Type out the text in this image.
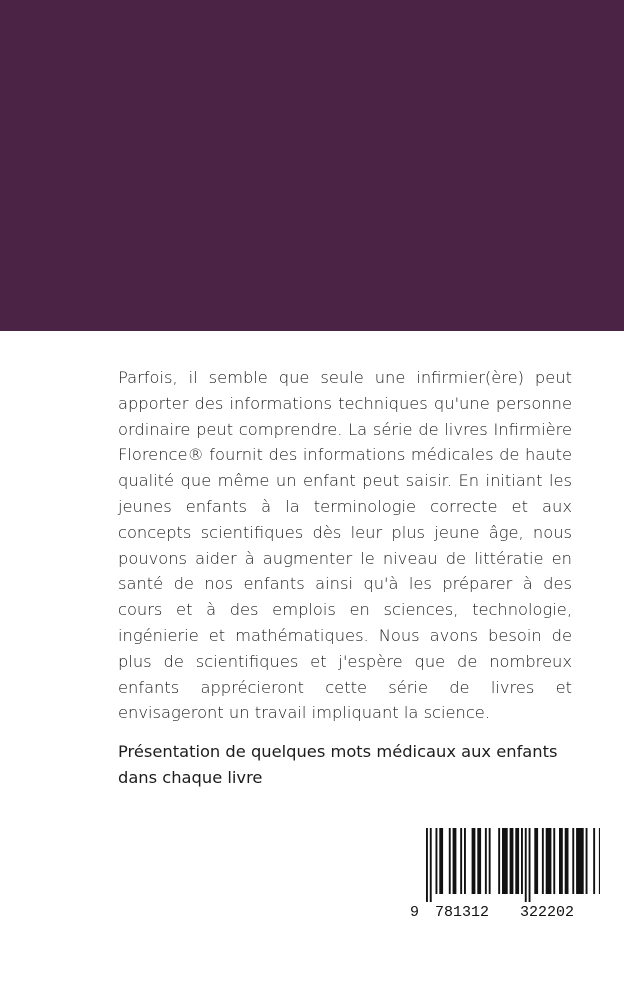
Parfois, il semble que seule une infirmier(ère) peut apporter des informations techniques qu'une personne ordinaire peut comprendre. La série de livres Infirmière Florence® fournit des informations médicales de haute qualité que même un enfant peut saisir. En initiant les jeunes enfants à la terminologie correcte et aux concepts scientifiques dès leur plus jeune âge, nous pouvons aider à augmenter le niveau de littératie en santé de nos enfants ainsi qu'à les préparer à des cours et à des emplois en sciences, technologie, ingénierie et mathématiques. Nous avons besoin de plus de scientifiques et j'espère que de nombreux enfants apprécieront cette série de livres et envisageront un travail impliquant la science.

Présentation de quelques mots médicaux aux enfants dans chaque livre

9 781312 322202
